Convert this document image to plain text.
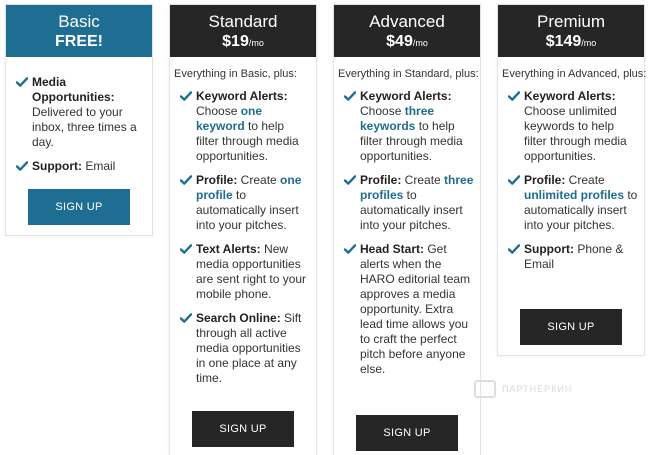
Basic
FREE!
Media Opportunities: Delivered to your inbox, three times a day.
Support: Email
SIGN UP
Standard
$19/mo
Everything in Basic, plus:
Keyword Alerts: Choose one keyword to help filter through media opportunities.
Profile: Create one profile to automatically insert into your pitches.
Text Alerts: New media opportunities are sent right to your mobile phone.
Search Online: Sift through all active media opportunities in one place at any time.
SIGN UP
Advanced
$49/mo
Everything in Standard, plus:
Keyword Alerts: Choose three keywords to help filter through media opportunities.
Profile: Create three profiles to automatically insert into your pitches.
Head Start: Get alerts when the HARO editorial team approves a media opportunity. Extra lead time allows you to craft the perfect pitch before anyone else.
SIGN UP
Premium
$149/mo
Everything in Advanced, plus:
Keyword Alerts: Choose unlimited keywords to help filter through media opportunities.
Profile: Create unlimited profiles to automatically insert into your pitches.
Support: Phone & Email
SIGN UP
ПАРТНЕРКИН
